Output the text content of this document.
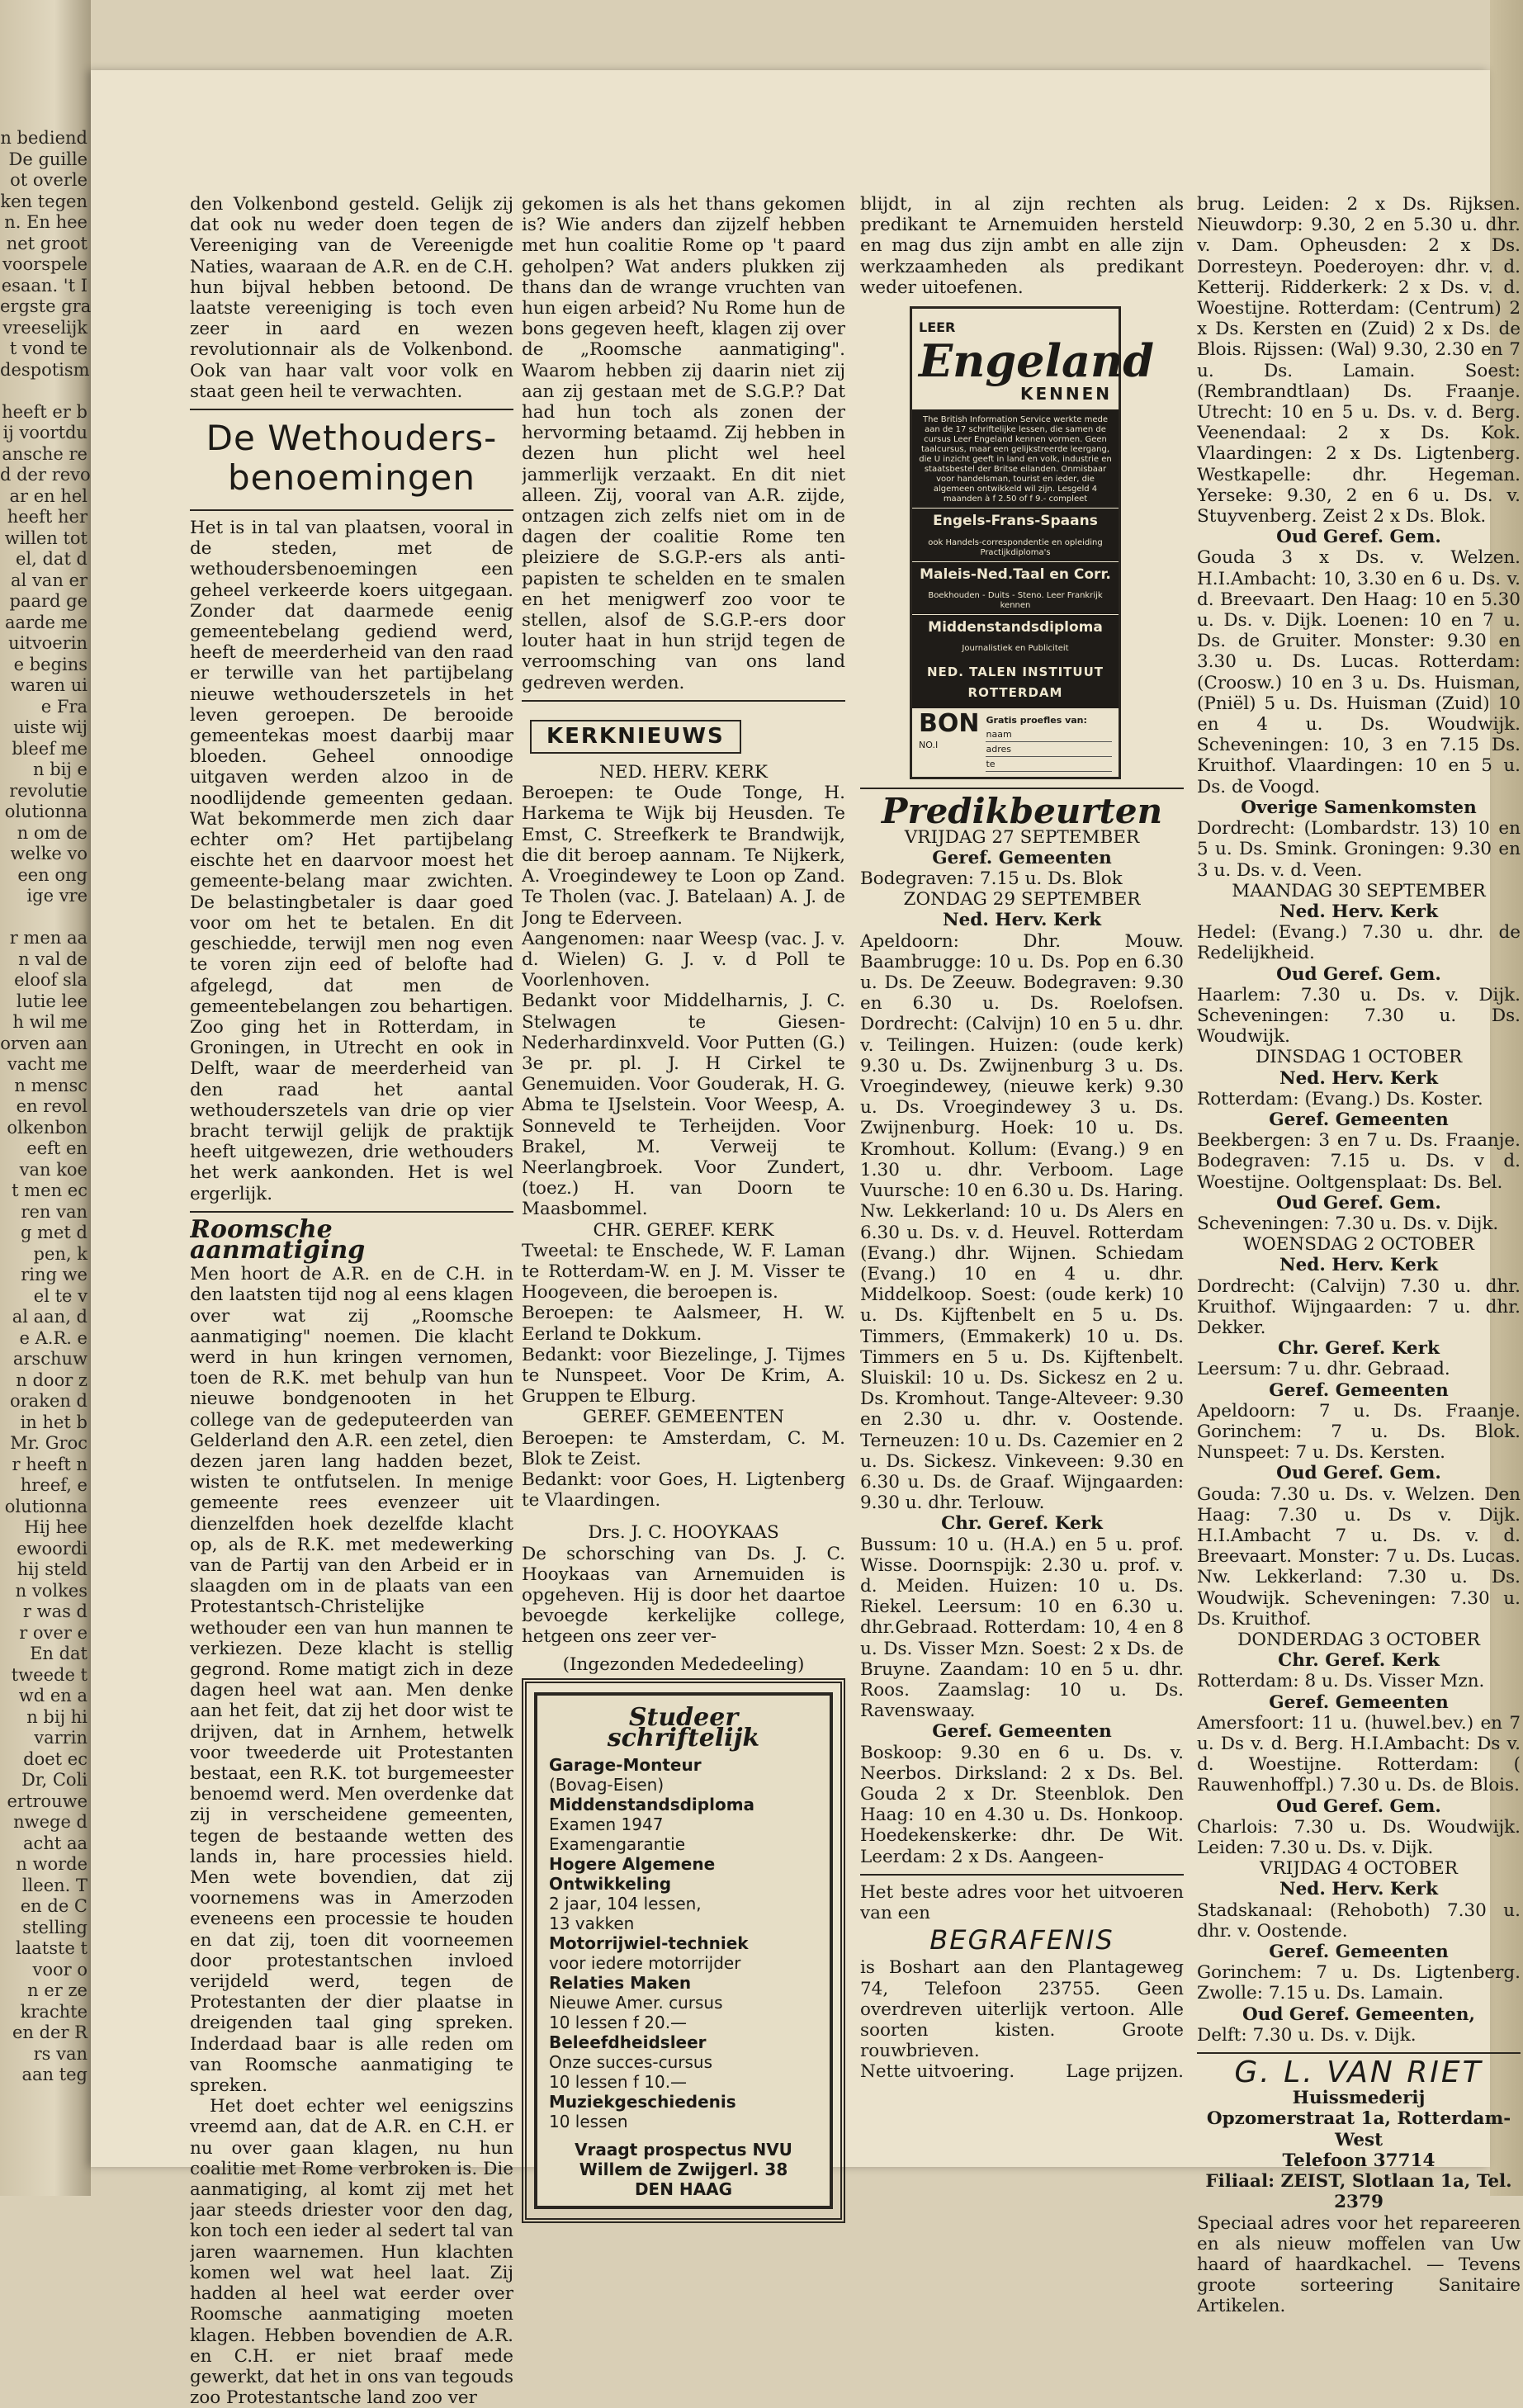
n bediend
De guille
ot overle
ken tegen
n. En hee
net groot
voorspele
esaan. 't I
ergste gra
vreeselijk
t vond te
despotism
heeft er b
ij voortdu
ansche re
d der revo
ar en hel
heeft her
willen tot
el, dat d
al van er
paard ge
aarde me
uitvoerin
e begins
waren ui
e Fra
uiste wij
bleef me
n bij e
revolutie
olutionna
n om de
welke vo
een ong
ige vre
r men aa
n val de
eloof sla
lutie lee
h wil me
orven aan
vacht me
n mensc
en revol
olkenbon
eeft en
van koe
t men ec
ren van
g met d
pen, k
ring we
el te v
al aan, d
e A.R. e
arschuw
n door z
oraken d
in het b
Mr. Groc
r heeft n
hreef, e
olutionna
Hij hee
ewoordi
hij steld
n volkes
r was d
r over e
En dat
tweede t
wd en a
n bij hi
varrin
doet ec
Dr, Coli
ertrouwe
nwege d
acht aa
n worde
lleen. T
en de C
stelling
laatste t
voor o
n er ze
krachte
en der R
rs van
aan teg

den Volkenbond gesteld. Gelijk zij dat ook nu weder doen tegen de Vereeniging van de Vereenigde Naties, waaraan de A.R. en de C.H. hun bijval hebben betoond. De laatste vereeniging is toch even zeer in aard en wezen revolutionnair als de Volkenbond. Ook van haar valt voor volk en staat geen heil te verwachten.

De Wethouders-benoemingen

Het is in tal van plaatsen, vooral in de steden, met de wethoudersbenoemingen een geheel verkeerde koers uitgegaan. Zonder dat daarmede eenig gemeentebelang gediend werd, heeft de meerderheid van den raad er terwille van het partijbelang nieuwe wethouderszetels in het leven geroepen. De berooide gemeentekas moest daarbij maar bloeden. Geheel onnoodige uitgaven werden alzoo in de noodlijdende gemeenten gedaan. Wat bekommerde men zich daar echter om? Het partijbelang eischte het en daarvoor moest het gemeente-belang maar zwichten. De belastingbetaler is daar goed voor om het te betalen. En dit geschiedde, terwijl men nog even te voren zijn eed of belofte had afgelegd, dat men de gemeentebelangen zou behartigen. Zoo ging het in Rotterdam, in Groningen, in Utrecht en ook in Delft, waar de meerderheid van den raad het aantal wethouderszetels van drie op vier bracht terwijl gelijk de praktijk heeft uitgewezen, drie wethouders het werk aankonden. Het is wel ergerlijk.

Roomsche aanmatiging

Men hoort de A.R. en de C.H. in den laatsten tijd nog al eens klagen over wat zij „Roomsche aanmatiging" noemen. Die klacht werd in hun kringen vernomen, toen de R.K. met behulp van hun nieuwe bondgenooten in het college van de gedeputeerden van Gelderland den A.R. een zetel, dien dezen jaren lang hadden bezet, wisten te ontfutselen. In menige gemeente rees evenzeer uit dienzelfden hoek dezelfde klacht op, als de R.K. met medewerking van de Partij van den Arbeid er in slaagden om in de plaats van een Protestantsch-Christelijke wethouder een van hun mannen te verkiezen. Deze klacht is stellig gegrond. Rome matigt zich in deze dagen heel wat aan. Men denke aan het feit, dat zij het door wist te drijven, dat in Arnhem, hetwelk voor tweederde uit Protestanten bestaat, een R.K. tot burgemeester benoemd werd. Men overdenke dat zij in verscheidene gemeenten, tegen de bestaande wetten des lands in, hare processies hield. Men wete bovendien, dat zij voornemens was in Amerzoden eveneens een processie te houden en dat zij, toen dit voorneemen door protestantschen invloed verijdeld werd, tegen de Protestanten der dier plaatse in dreigenden taal ging spreken. Inderdaad baar is alle reden om van Roomsche aanmatiging te spreken.

Het doet echter wel eenigszins vreemd aan, dat de A.R. en C.H. er nu over gaan klagen, nu hun coalitie met Rome verbroken is. Die aanmatiging, al komt zij met het jaar steeds driester voor den dag, kon toch een ieder al sedert tal van jaren waarnemen. Hun klachten komen wel wat heel laat. Zij hadden al heel wat eerder over Roomsche aanmatiging moeten klagen. Hebben bovendien de A.R. en C.H. er niet braaf mede gewerkt, dat het in ons van tegouds zoo Protestantsche land zoo ver

gekomen is als het thans gekomen is? Wie anders dan zijzelf hebben met hun coalitie Rome op 't paard geholpen? Wat anders plukken zij thans dan de wrange vruchten van hun eigen arbeid? Nu Rome hun de bons gegeven heeft, klagen zij over de „Roomsche aanmatiging". Waarom hebben zij daarin niet zij aan zij gestaan met de S.G.P.? Dat had hun toch als zonen der hervorming betaamd. Zij hebben in dezen hun plicht wel heel jammerlijk verzaakt. En dit niet alleen. Zij, vooral van A.R. zijde, ontzagen zich zelfs niet om in de dagen der coalitie Rome ten pleiziere de S.G.P.-ers als anti-papisten te schelden en te smalen en het menigwerf zoo voor te stellen, alsof de S.G.P.-ers door louter haat in hun strijd tegen de verroomsching van ons land gedreven werden.

KERKNIEUWS
NED. HERV. KERK

Beroepen: te Oude Tonge, H. Harkema te Wijk bij Heusden. Te Emst, C. Streefkerk te Brandwijk, die dit beroep aannam. Te Nijkerk, A. Vroegindewey te Loon op Zand. Te Tholen (vac. J. Batelaan) A. J. de Jong te Ederveen.

Aangenomen: naar Weesp (vac. J. v. d. Wielen) G. J. v. d Poll te Voorlenhoven.

Bedankt voor Middelharnis, J. C. Stelwagen te Giesen-Nederhardinxveld. Voor Putten (G.) 3e pr. pl. J. H Cirkel te Genemuiden. Voor Gouderak, H. G. Abma te IJselstein. Voor Weesp, A. Sonneveld te Terheijden. Voor Brakel, M. Verweij te Neerlangbroek. Voor Zundert, (toez.) H. van Doorn te Maasbommel.

CHR. GEREF. KERK

Tweetal: te Enschede, W. F. Laman te Rotterdam-W. en J. M. Visser te Hoogeveen, die beroepen is.

Beroepen: te Aalsmeer, H. W. Eerland te Dokkum.

Bedankt: voor Biezelinge, J. Tijmes te Nunspeet. Voor De Krim, A. Gruppen te Elburg.

GEREF. GEMEENTEN

Beroepen: te Amsterdam, C. M. Blok te Zeist.

Bedankt: voor Goes, H. Ligtenberg te Vlaardingen.

Drs. J. C. HOOYKAAS

De schorsching van Ds. J. C. Hooykaas van Arnemuiden is opgeheven. Hij is door het daartoe bevoegde kerkelijke college, hetgeen ons zeer ver-

(Ingezonden Mededeeling)
Studeer schriftelijk
Garage-Monteur
(Bovag-Eisen)
Middenstandsdiploma
Examen 1947
Examengarantie
Hogere Algemene
Ontwikkeling
2 jaar, 104 lessen,
13 vakken
Motorrijwiel-techniek
voor iedere motorrijder
Relaties Maken
Nieuwe Amer. cursus
10 lessen f 20.—
Beleefdheidsleer
Onze succes-cursus
10 lessen f 10.—
Muziekgeschiedenis
10 lessen
Vraagt prospectus NVU
Willem de Zwijgerl. 38
DEN HAAG

blijdt, in al zijn rechten als predikant te Arnemuiden hersteld en mag dus zijn ambt en alle zijn werkzaamheden als predikant weder uitoefenen.

LEER
Engeland
KENNEN
The British Information Service werkte mede aan de 17 schriftelijke lessen, die samen de cursus Leer Engeland kennen vormen. Geen taalcursus, maar een gelijkstreerde leergang, die U inzicht geeft in land en volk, industrie en staatsbestel der Britse eilanden. Onmisbaar voor handelsman, tourist en ieder, die algemeen ontwikkeld wil zijn. Lesgeld 4 maanden à f 2.50 of f 9.- compleet
Engels-Frans-Spaans
ook Handels-correspondentie en opleiding Practijkdiploma's
Maleis-Ned.Taal en Corr.
Boekhouden - Duits - Steno. Leer Frankrijk kennen
Middenstandsdiploma
Journalistiek en Publiciteit
NED. TALEN INSTITUUT ROTTERDAM
BON
NO.I
Gratis proefles van:
naam
adres
te
Predikbeurten
VRIJDAG 27 SEPTEMBER
Geref. Gemeenten
Bodegraven: 7.15 u. Ds. Blok
ZONDAG 29 SEPTEMBER
Ned. Herv. Kerk
Apeldoorn: Dhr. Mouw. Baambrugge: 10 u. Ds. Pop en 6.30 u. Ds. De Zeeuw. Bodegraven: 9.30 en 6.30 u. Ds. Roelofsen. Dordrecht: (Calvijn) 10 en 5 u. dhr. v. Teilingen. Huizen: (oude kerk) 9.30 u. Ds. Zwijnenburg 3 u. Ds. Vroegindewey, (nieuwe kerk) 9.30 u. Ds. Vroegindewey 3 u. Ds. Zwijnenburg. Hoek: 10 u. Ds. Kromhout. Kollum: (Evang.) 9 en 1.30 u. dhr. Verboom. Lage Vuursche: 10 en 6.30 u. Ds. Haring. Nw. Lekkerland: 10 u. Ds Alers en 6.30 u. Ds. v. d. Heuvel. Rotterdam (Evang.) dhr. Wijnen. Schiedam (Evang.) 10 en 4 u. dhr. Middelkoop. Soest: (oude kerk) 10 u. Ds. Kijftenbelt en 5 u. Ds. Timmers, (Emmakerk) 10 u. Ds. Timmers en 5 u. Ds. Kijftenbelt. Sluiskil: 10 u. Ds. Sickesz en 2 u. Ds. Kromhout. Tange-Alteveer: 9.30 en 2.30 u. dhr. v. Oostende. Terneuzen: 10 u. Ds. Cazemier en 2 u. Ds. Sickesz. Vinkeveen: 9.30 en 6.30 u. Ds. de Graaf. Wijngaarden: 9.30 u. dhr. Terlouw.
Chr. Geref. Kerk
Bussum: 10 u. (H.A.) en 5 u. prof. Wisse. Doornspijk: 2.30 u. prof. v. d. Meiden. Huizen: 10 u. Ds. Riekel. Leersum: 10 en 6.30 u. dhr.Gebraad. Rotterdam: 10, 4 en 8 u. Ds. Visser Mzn. Soest: 2 x Ds. de Bruyne. Zaandam: 10 en 5 u. dhr. Roos. Zaamslag: 10 u. Ds. Ravenswaay.
Geref. Gemeenten
Boskoop: 9.30 en 6 u. Ds. v. Neerbos. Dirksland: 2 x Ds. Bel. Gouda 2 x Dr. Steenblok. Den Haag: 10 en 4.30 u. Ds. Honkoop. Hoedekenskerke: dhr. De Wit. Leerdam: 2 x Ds. Aangeen-

Het beste adres voor het uitvoeren van een

BEGRAFENIS

is Boshart aan den Plantageweg 74, Telefoon 23755. Geen overdreven uiterlijk vertoon. Alle soorten kisten. Groote rouwbrieven.

Nette uitvoering.	Lage prijzen.

brug. Leiden: 2 x Ds. Rijksen. Nieuwdorp: 9.30, 2 en 5.30 u. dhr. v. Dam. Opheusden: 2 x Ds. Dorresteyn. Poederoyen: dhr. v. d. Ketterij. Ridderkerk: 2 x Ds. v. d. Woestijne. Rotterdam: (Centrum) 2 x Ds. Kersten en (Zuid) 2 x Ds. de Blois. Rijssen: (Wal) 9.30, 2.30 en 7 u. Ds. Lamain. Soest: (Rembrandtlaan) Ds. Fraanje. Utrecht: 10 en 5 u. Ds. v. d. Berg. Veenendaal: 2 x Ds. Kok. Vlaardingen: 2 x Ds. Ligtenberg. Westkapelle: dhr. Hegeman. Yerseke: 9.30, 2 en 6 u. Ds. v. Stuyvenberg. Zeist 2 x Ds. Blok.

Oud Geref. Gem.
Gouda 3 x Ds. v. Welzen. H.I.Ambacht: 10, 3.30 en 6 u. Ds. v. d. Breevaart. Den Haag: 10 en 5.30 u. Ds. v. Dijk. Loenen: 10 en 7 u. Ds. de Gruiter. Monster: 9.30 en 3.30 u. Ds. Lucas. Rotterdam: (Croosw.) 10 en 3 u. Ds. Huisman, (Pniël) 5 u. Ds. Huisman (Zuid) 10 en 4 u. Ds. Woudwijk. Scheveningen: 10, 3 en 7.15 Ds. Kruithof. Vlaardingen: 10 en 5 u. Ds. de Voogd.
Overige Samenkomsten
Dordrecht: (Lombardstr. 13) 10 en 5 u. Ds. Smink. Groningen: 9.30 en 3 u. Ds. v. d. Veen.
MAANDAG 30 SEPTEMBER
Ned. Herv. Kerk
Hedel: (Evang.) 7.30 u. dhr. de Redelijkheid.
Oud Geref. Gem.
Haarlem: 7.30 u. Ds. v. Dijk. Scheveningen: 7.30 u. Ds. Woudwijk.
DINSDAG 1 OCTOBER
Ned. Herv. Kerk
Rotterdam: (Evang.) Ds. Koster.
Geref. Gemeenten
Beekbergen: 3 en 7 u. Ds. Fraanje. Bodegraven: 7.15 u. Ds. v d. Woestijne. Ooltgensplaat: Ds. Bel.
Oud Geref. Gem.
Scheveningen: 7.30 u. Ds. v. Dijk.
WOENSDAG 2 OCTOBER
Ned. Herv. Kerk
Dordrecht: (Calvijn) 7.30 u. dhr. Kruithof. Wijngaarden: 7 u. dhr. Dekker.
Chr. Geref. Kerk
Leersum: 7 u. dhr. Gebraad.
Geref. Gemeenten
Apeldoorn: 7 u. Ds. Fraanje. Gorinchem: 7 u. Ds. Blok. Nunspeet: 7 u. Ds. Kersten.
Oud Geref. Gem.
Gouda: 7.30 u. Ds. v. Welzen. Den Haag: 7.30 u. Ds v. Dijk. H.I.Ambacht 7 u. Ds. v. d. Breevaart. Monster: 7 u. Ds. Lucas. Nw. Lekkerland: 7.30 u. Ds. Woudwijk. Scheveningen: 7.30 u. Ds. Kruithof.
DONDERDAG 3 OCTOBER
Chr. Geref. Kerk
Rotterdam: 8 u. Ds. Visser Mzn.
Geref. Gemeenten
Amersfoort: 11 u. (huwel.bev.) en 7 u. Ds v. d. Berg. H.I.Ambacht: Ds v. d. Woestijne. Rotterdam: ( Rauwenhoffpl.) 7.30 u. Ds. de Blois.
Oud Geref. Gem.
Charlois: 7.30 u. Ds. Woudwijk. Leiden: 7.30 u. Ds. v. Dijk.
VRIJDAG 4 OCTOBER
Ned. Herv. Kerk
Stadskanaal: (Rehoboth) 7.30 u. dhr. v. Oostende.
Geref. Gemeenten
Gorinchem: 7 u. Ds. Ligtenberg. Zwolle: 7.15 u. Ds. Lamain.
Oud Geref. Gemeenten,
Delft: 7.30 u. Ds. v. Dijk.
G. L. VAN RIET
Huissmederij
Opzomerstraat 1a, Rotterdam-West
Telefoon 37714
Filiaal: ZEIST, Slotlaan 1a, Tel. 2379

Speciaal adres voor het repareeren en als nieuw moffelen van Uw haard of haardkachel. — Tevens groote sorteering Sanitaire Artikelen.
